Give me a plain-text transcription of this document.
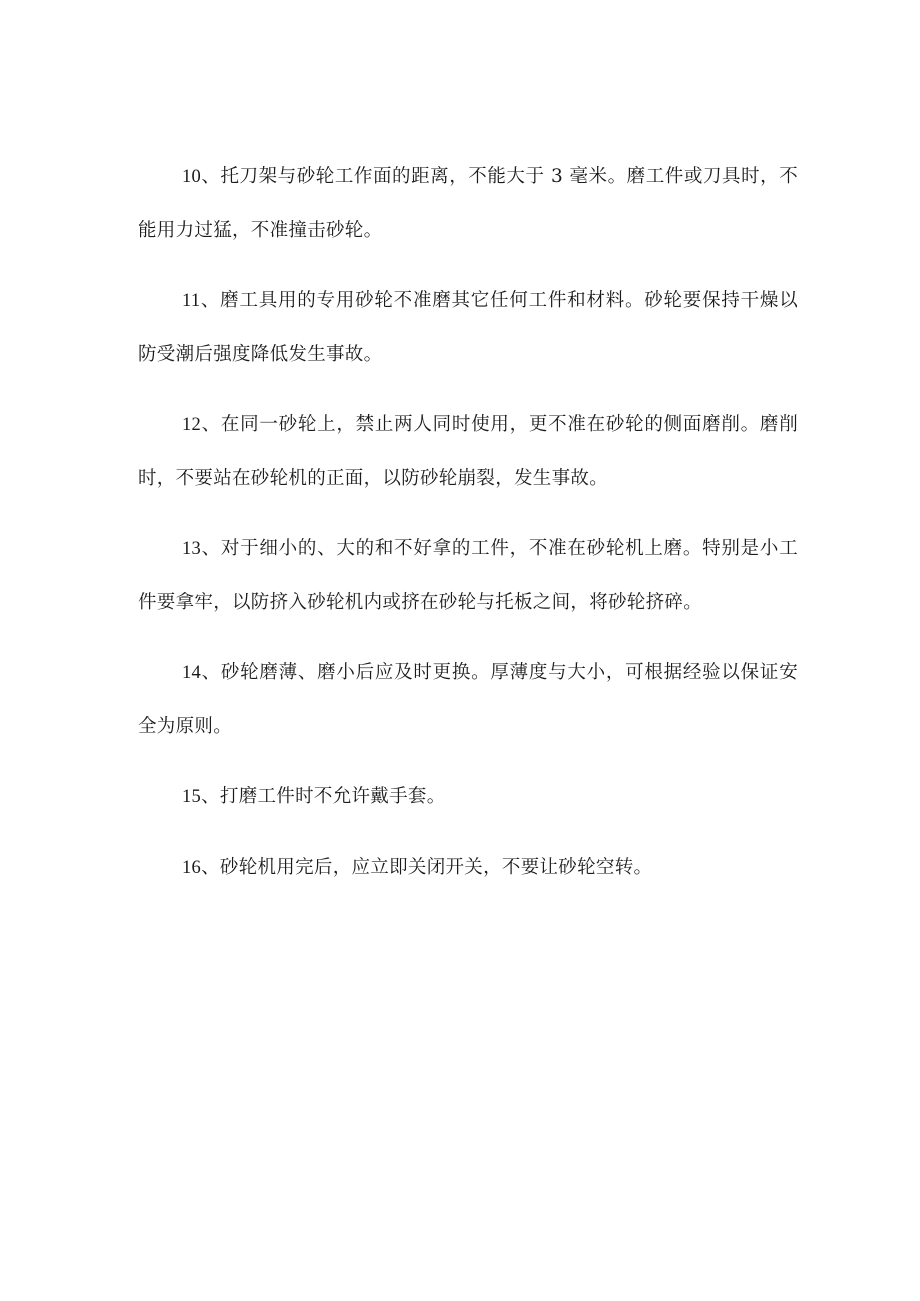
10、托刀架与砂轮工作面的距离，不能大于 3 毫米。磨工件或刀具时，不能用力过猛，不准撞击砂轮。

11、磨工具用的专用砂轮不准磨其它任何工件和材料。砂轮要保持干燥以防受潮后强度降低发生事故。

12、在同一砂轮上，禁止两人同时使用，更不准在砂轮的侧面磨削。磨削时，不要站在砂轮机的正面，以防砂轮崩裂，发生事故。

13、对于细小的、大的和不好拿的工件，不准在砂轮机上磨。特别是小工件要拿牢，以防挤入砂轮机内或挤在砂轮与托板之间，将砂轮挤碎。

14、砂轮磨薄、磨小后应及时更换。厚薄度与大小，可根据经验以保证安全为原则。

15、打磨工件时不允许戴手套。

16、砂轮机用完后，应立即关闭开关，不要让砂轮空转。
